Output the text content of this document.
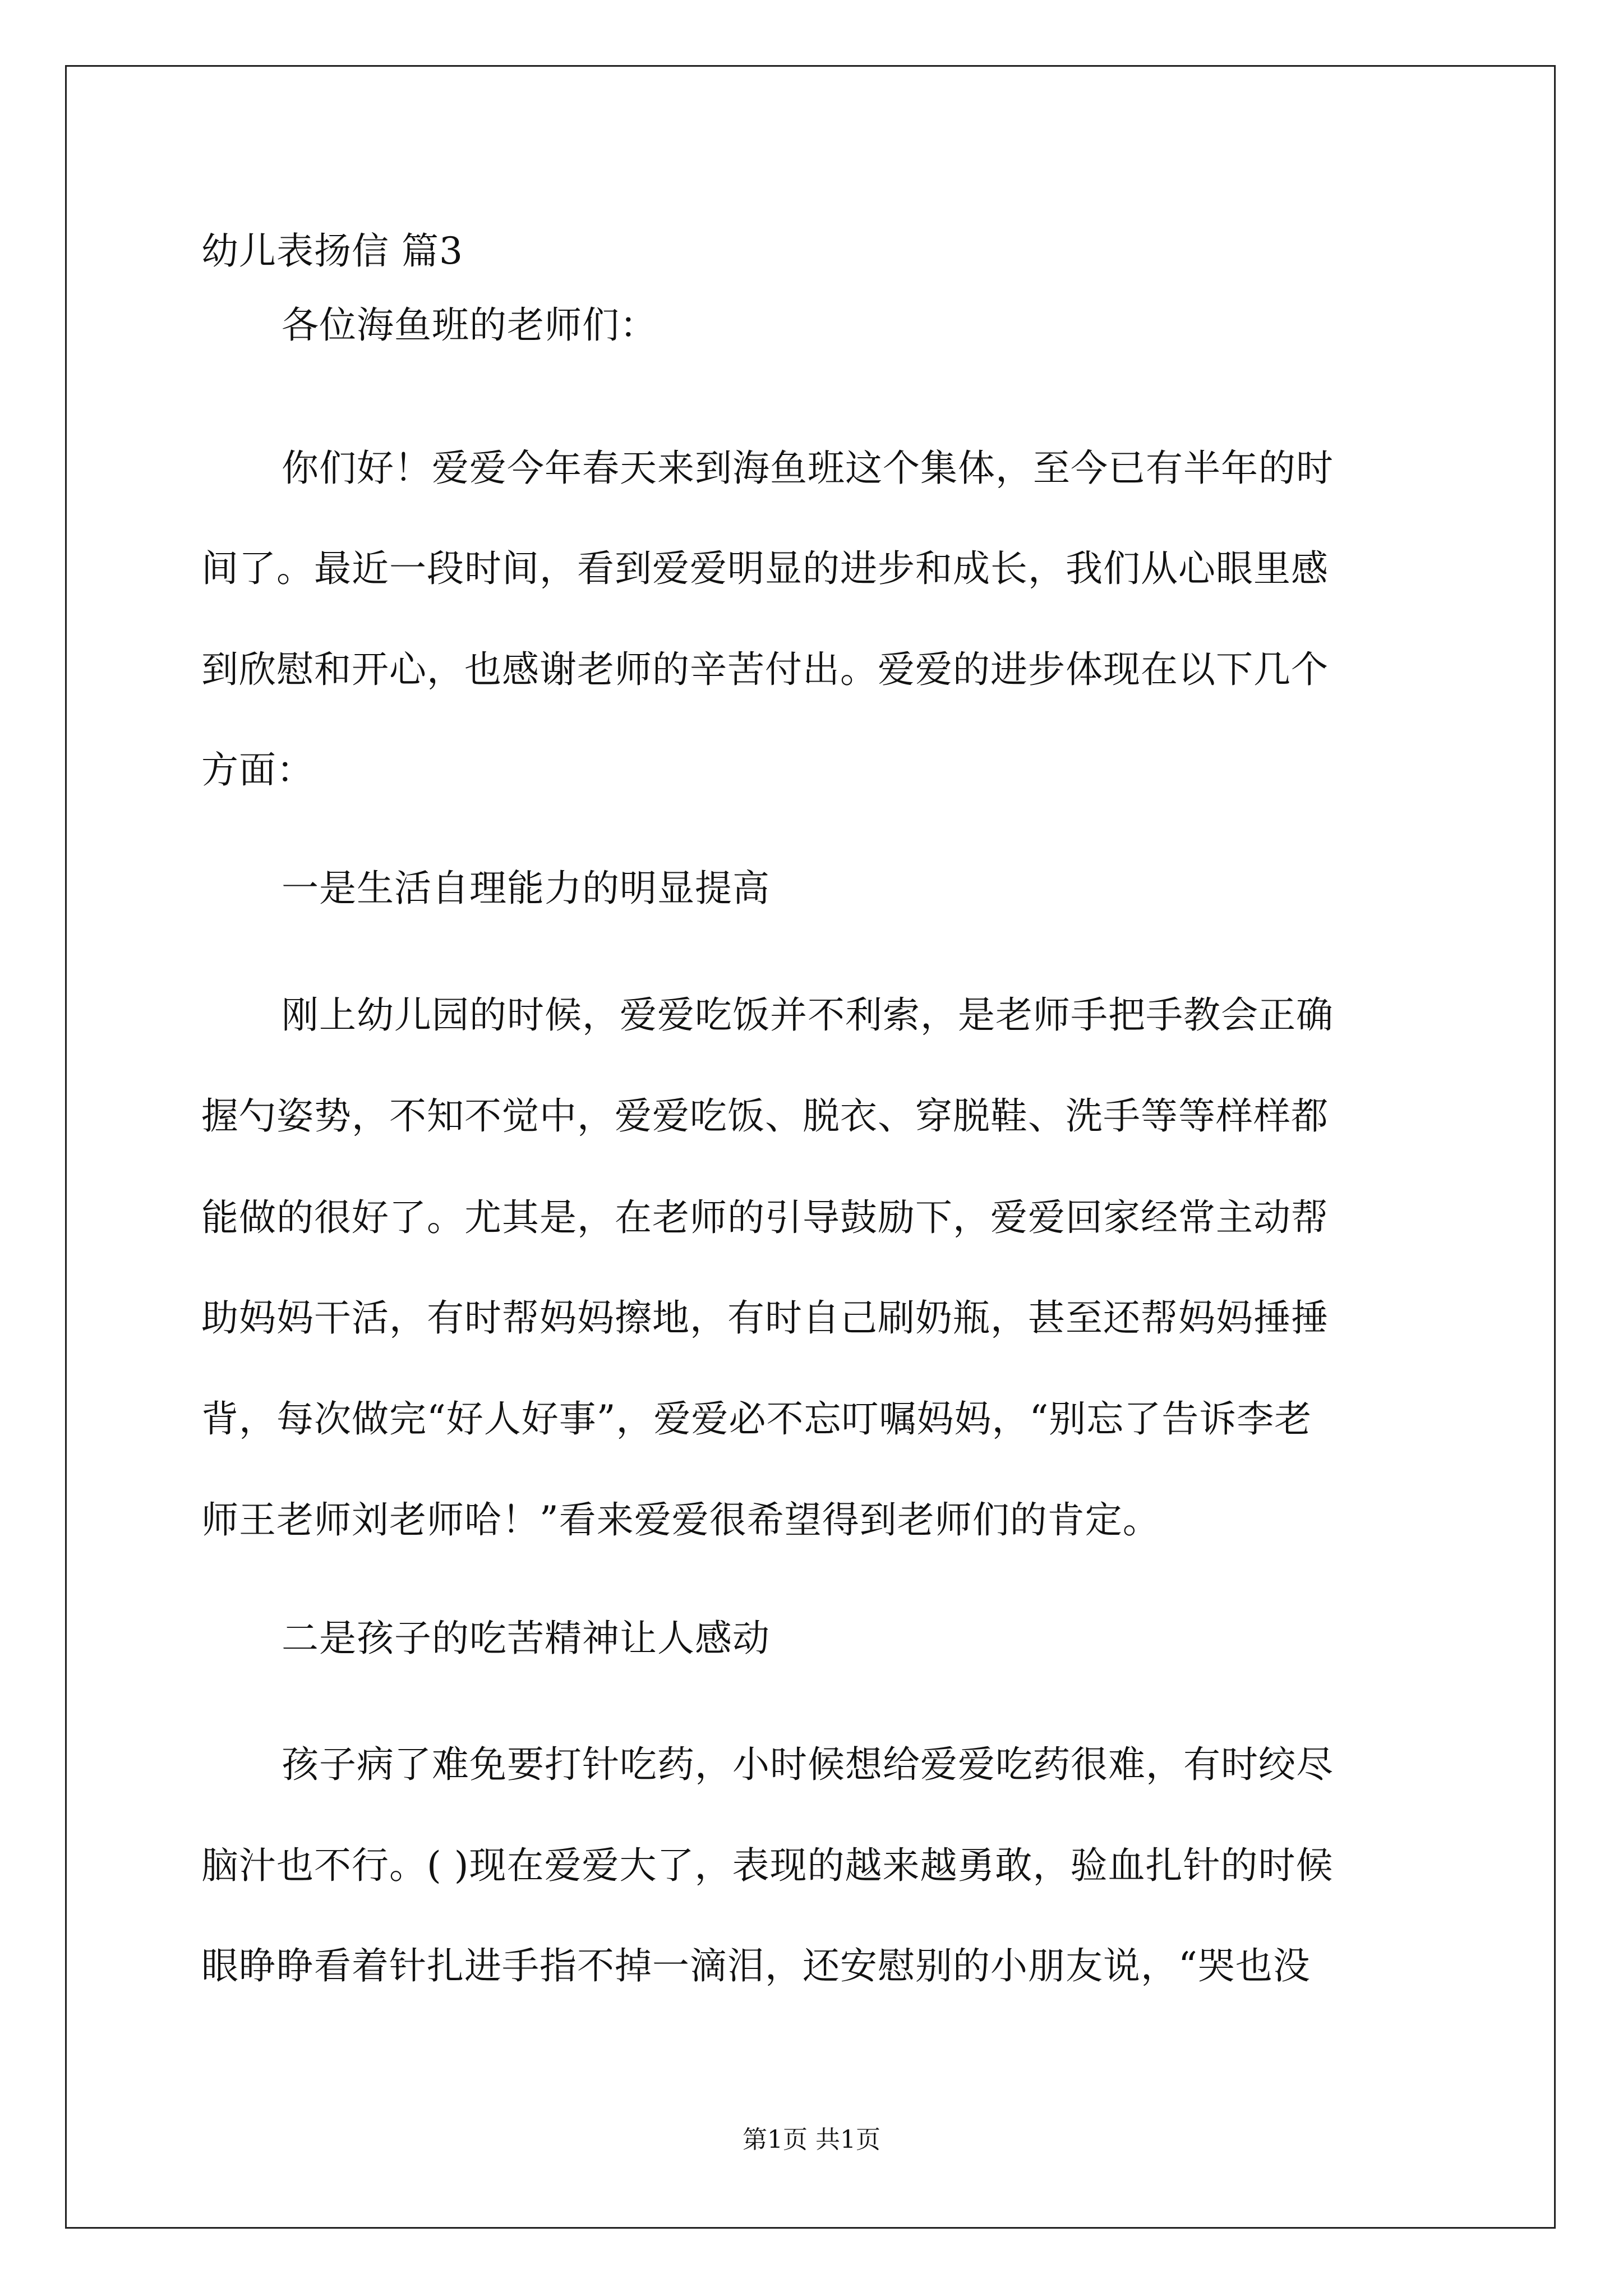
幼儿表扬信 篇3
各位海鱼班的老师们：
你们好！爱爱今年春天来到海鱼班这个集体，至今已有半年的时
间了。最近一段时间，看到爱爱明显的进步和成长，我们从心眼里感
到欣慰和开心，也感谢老师的辛苦付出。爱爱的进步体现在以下几个
方面：
一是生活自理能力的明显提高
刚上幼儿园的时候，爱爱吃饭并不利索，是老师手把手教会正确
握勺姿势，不知不觉中，爱爱吃饭、脱衣、穿脱鞋、洗手等等样样都
能做的很好了。尤其是，在老师的引导鼓励下，爱爱回家经常主动帮
助妈妈干活，有时帮妈妈擦地，有时自己刷奶瓶，甚至还帮妈妈捶捶
背，每次做完“好人好事”，爱爱必不忘叮嘱妈妈，“别忘了告诉李老
师王老师刘老师哈！”看来爱爱很希望得到老师们的肯定。
二是孩子的吃苦精神让人感动
孩子病了难免要打针吃药，小时候想给爱爱吃药很难，有时绞尽
脑汁也不行。( )现在爱爱大了，表现的越来越勇敢，验血扎针的时候
眼睁睁看着针扎进手指不掉一滴泪，还安慰别的小朋友说，“哭也没
第1页 共1页
